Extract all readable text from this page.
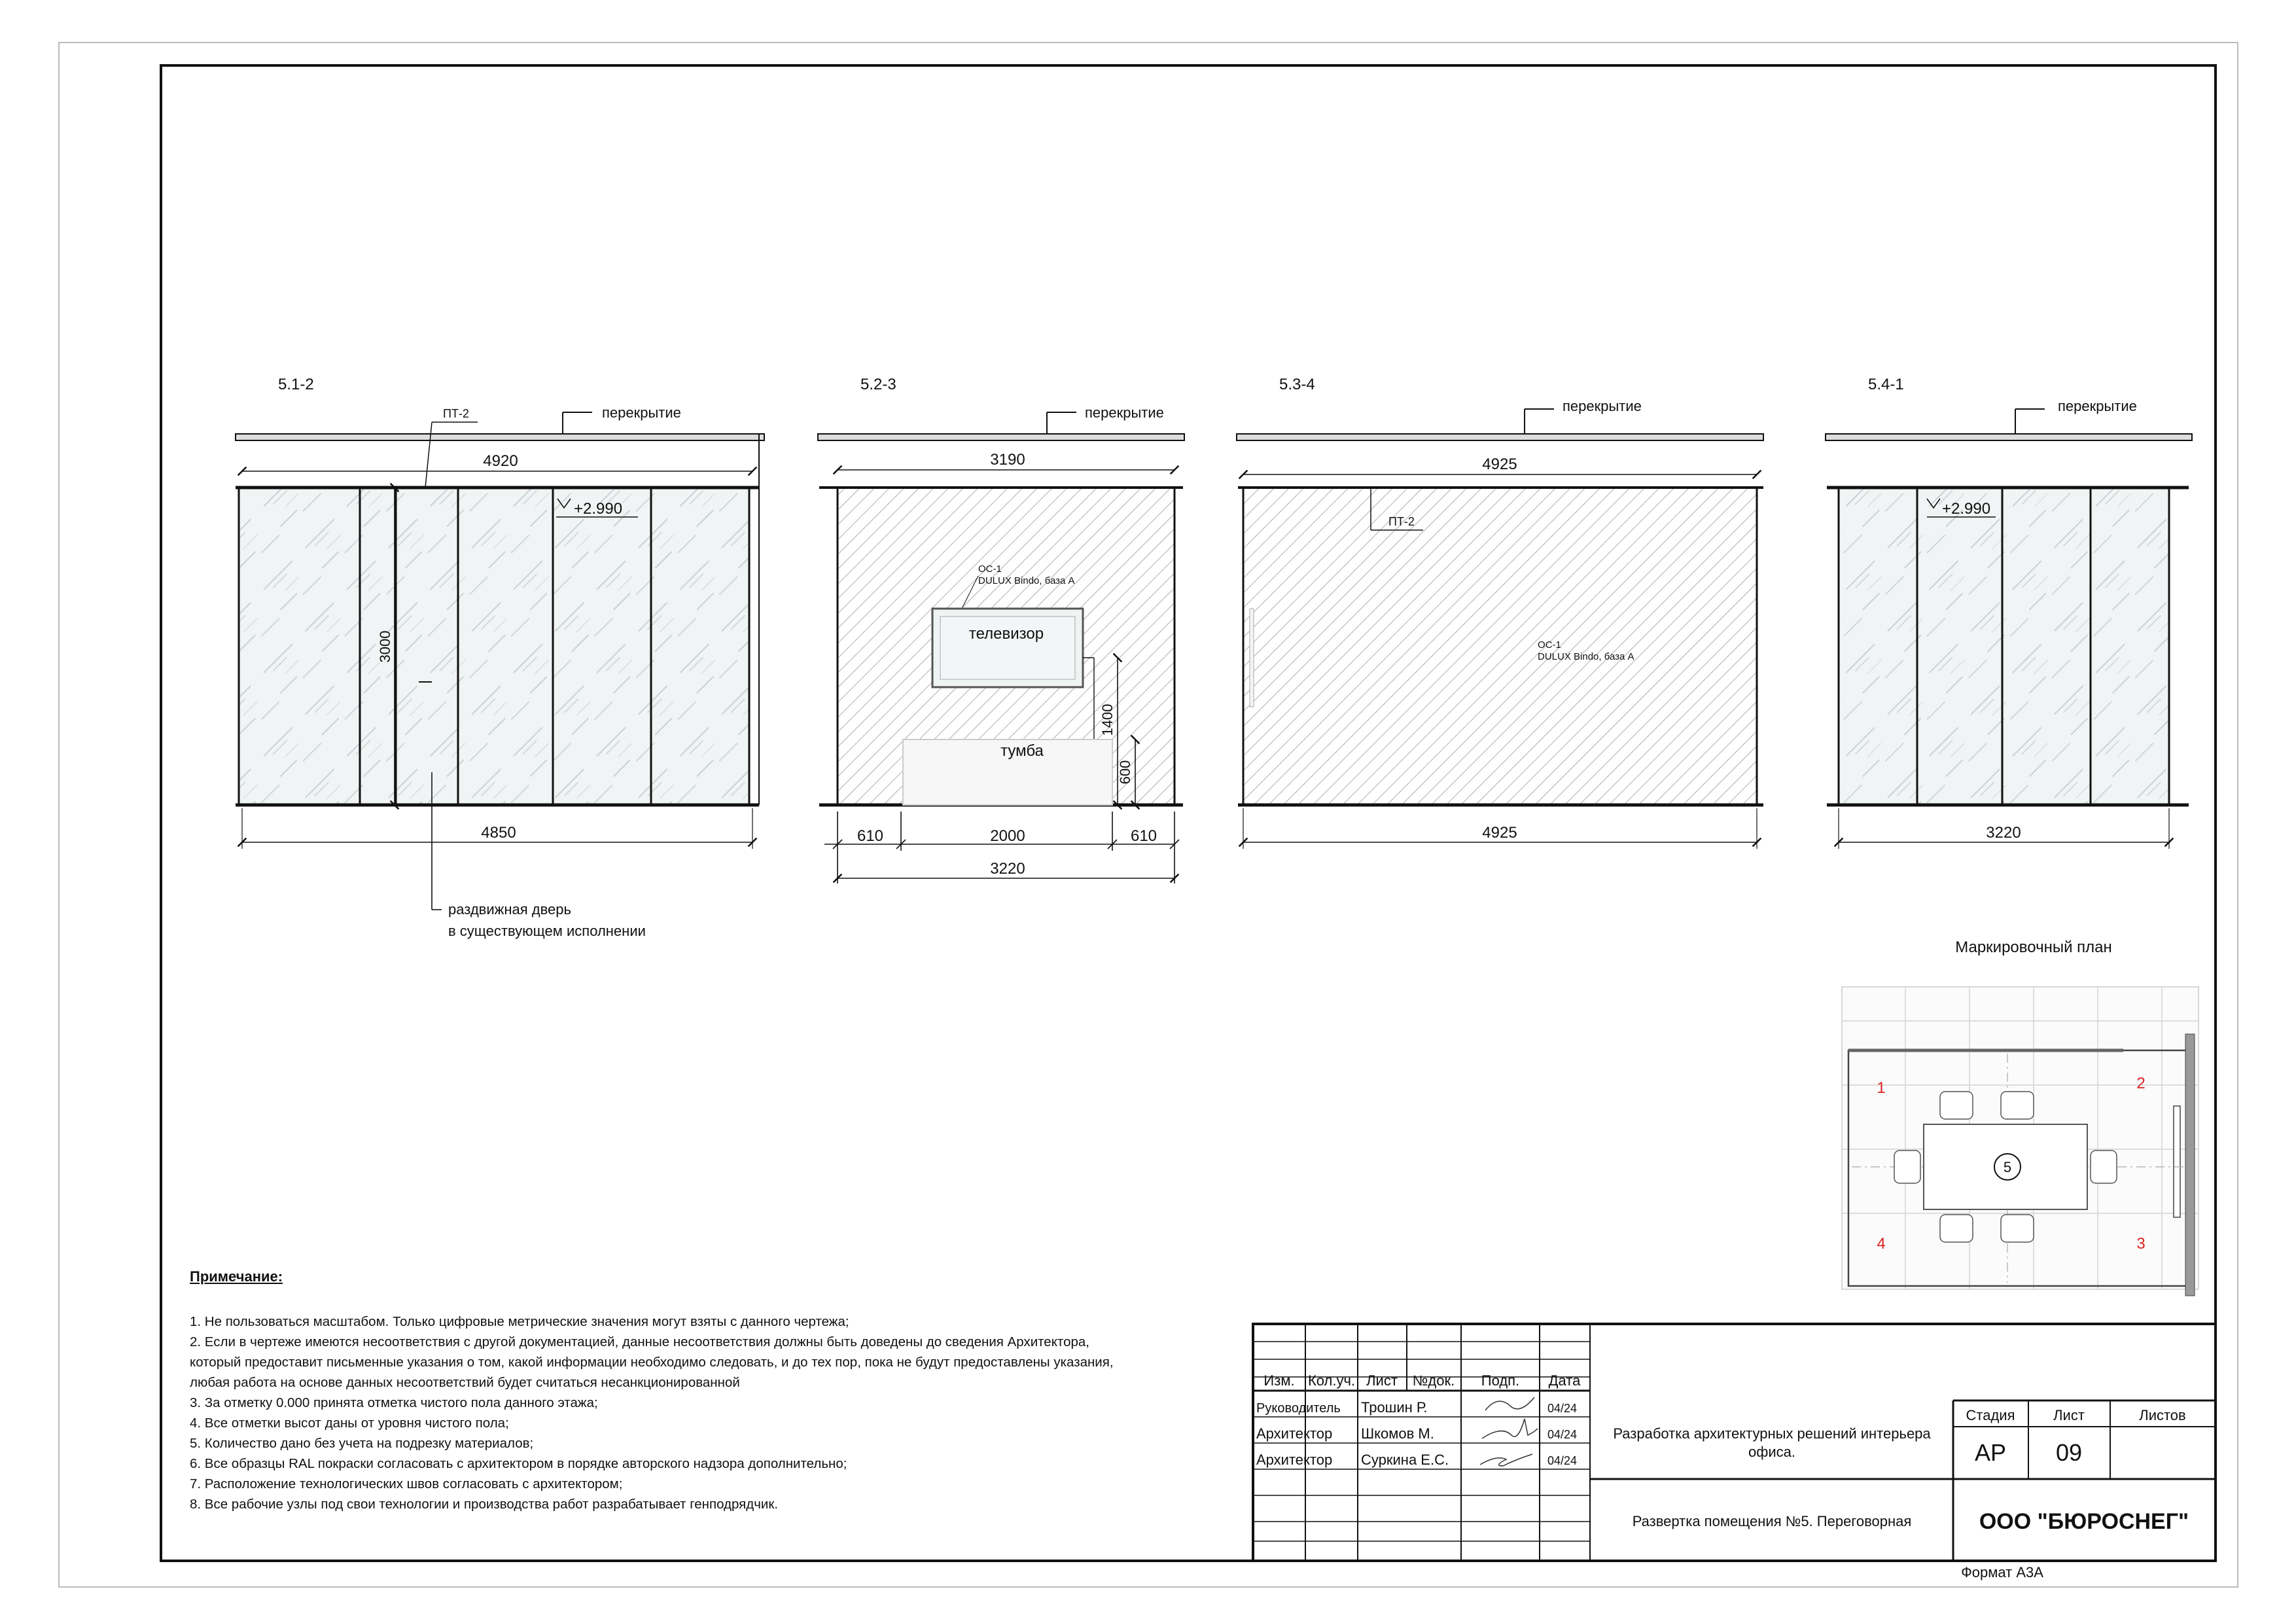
5.1-2
перекрытие
ПТ-2
4920
+2.990
3000
4850
раздвижная дверь
в существующем исполнении
5.2-3
перекрытие
3190
ОС-1
DULUX Bindo, база А
телевизор
тумба
1400
600
610	2000	610
3220
5.3-4
перекрытие
4925
ПТ-2
ОС-1
DULUX Bindo, база А
4925
5.4-1
перекрытие
+2.990
3220
Маркировочный план
5
1	2
3
4
Изм. Кол.уч. Лист №док. Подп. Дата
Руководитель Трошин Р.	04/24
Архитектор Шкомов М.	04/24
Архитектор Суркина Е.С.	04/24
Разработка архитектурных решений интерьера
офиса.
Развертка помещения №5. Переговорная
Стадия	Лист	Листов
АР 09
ООО "БЮРОСНЕГ"
Формат А3А
Примечание:
1. Не пользоваться масштабом. Только цифровые метрические значения могут взяты с данного чертежа;
2. Если в чертеже имеются несоответствия с другой документацией, данные несоответствия должны быть доведены до сведения Архитектора,
который предоставит письменные указания о том, какой информации необходимо следовать, и до тех пор, пока не будут предоставлены указания,
любая работа на основе данных несоответствий будет считаться несанкционированной
3. За отметку 0.000 принята отметка чистого пола данного этажа;
4. Все отметки высот даны от уровня чистого пола;
5. Количество дано без учета на подрезку материалов;
6. Все образцы RAL покраски согласовать с архитектором в порядке авторского надзора дополнительно;
7. Расположение технологических швов согласовать с архитектором;
8. Все рабочие узлы под свои технологии и производства работ разрабатывает генподрядчик.
